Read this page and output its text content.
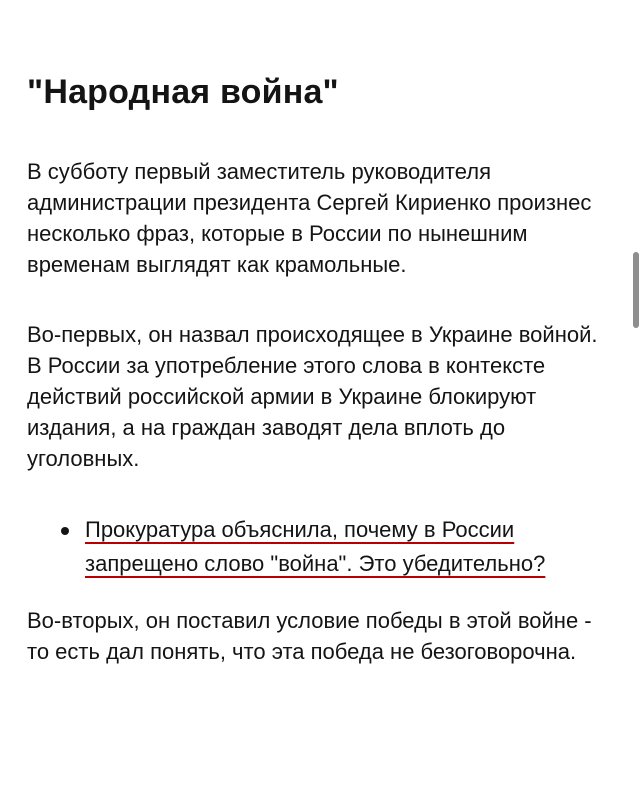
"Народная война"

В субботу первый заместитель руководителя администрации президента Сергей Кириенко произнес несколько фраз, которые в России по нынешним временам выглядят как крамольные.

Во-первых, он назвал происходящее в Украине войной. В России за употребление этого слова в контексте действий российской армии в Украине блокируют издания, а на граждан заводят дела вплоть до уголовных.

Прокуратура объяснила, почему в России запрещено слово "война". Это убедительно?

Во-вторых, он поставил условие победы в этой войне - то есть дал понять, что эта победа не безоговорочна.
